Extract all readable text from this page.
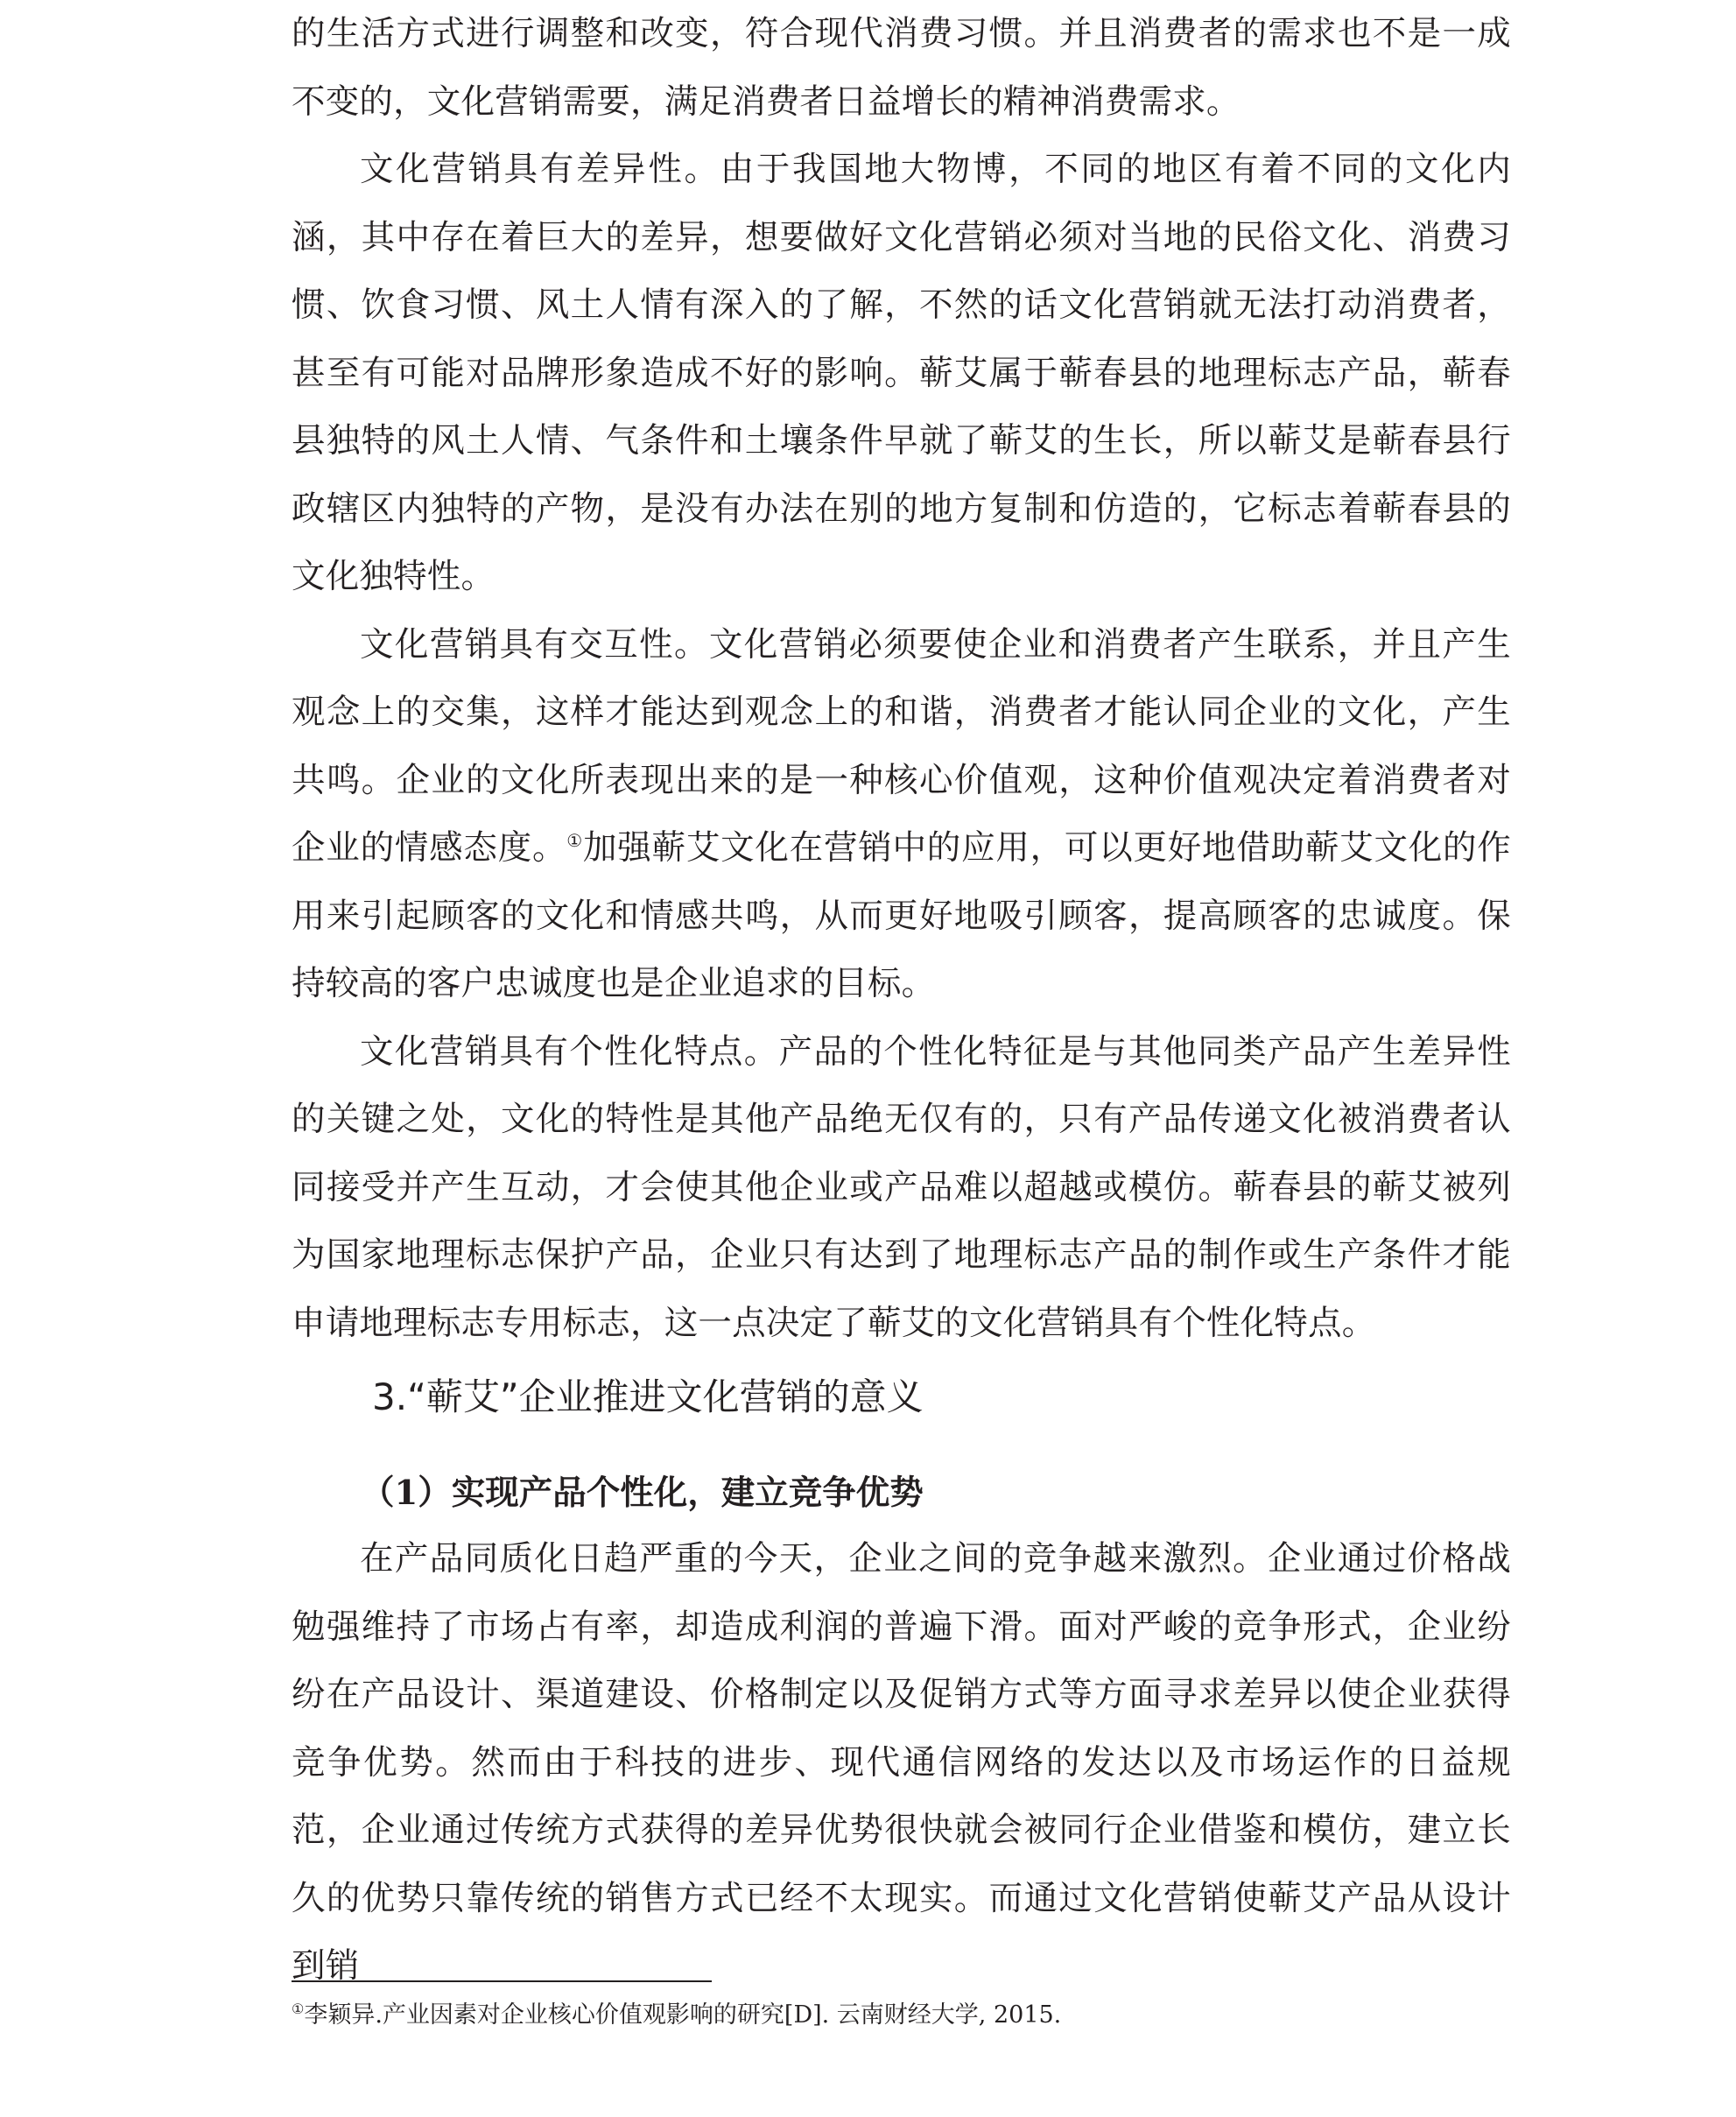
的生活方式进行调整和改变，符合现代消费习惯。并且消费者的需求也不是一成不变的，文化营销需要，满足消费者日益增长的精神消费需求。

文化营销具有差异性。由于我国地大物博，不同的地区有着不同的文化内涵，其中存在着巨大的差异，想要做好文化营销必须对当地的民俗文化、消费习惯、饮食习惯、风土人情有深入的了解，不然的话文化营销就无法打动消费者，甚至有可能对品牌形象造成不好的影响。蕲艾属于蕲春县的地理标志产品，蕲春县独特的风土人情、气条件和土壤条件早就了蕲艾的生长，所以蕲艾是蕲春县行政辖区内独特的产物，是没有办法在别的地方复制和仿造的，它标志着蕲春县的文化独特性。

文化营销具有交互性。文化营销必须要使企业和消费者产生联系，并且产生观念上的交集，这样才能达到观念上的和谐，消费者才能认同企业的文化，产生共鸣。企业的文化所表现出来的是一种核心价值观，这种价值观决定着消费者对企业的情感态度。①加强蕲艾文化在营销中的应用，可以更好地借助蕲艾文化的作用来引起顾客的文化和情感共鸣，从而更好地吸引顾客，提高顾客的忠诚度。保持较高的客户忠诚度也是企业追求的目标。

文化营销具有个性化特点。产品的个性化特征是与其他同类产品产生差异性的关键之处，文化的特性是其他产品绝无仅有的，只有产品传递文化被消费者认同接受并产生互动，才会使其他企业或产品难以超越或模仿。蕲春县的蕲艾被列为国家地理标志保护产品，企业只有达到了地理标志产品的制作或生产条件才能申请地理标志专用标志，这一点决定了蕲艾的文化营销具有个性化特点。

3.“蕲艾”企业推进文化营销的意义
（1）实现产品个性化，建立竞争优势

在产品同质化日趋严重的今天，企业之间的竞争越来激烈。企业通过价格战勉强维持了市场占有率，却造成利润的普遍下滑。面对严峻的竞争形式，企业纷纷在产品设计、渠道建设、价格制定以及促销方式等方面寻求差异以使企业获得竞争优势。然而由于科技的进步、现代通信网络的发达以及市场运作的日益规范，企业通过传统方式获得的差异优势很快就会被同行企业借鉴和模仿，建立长久的优势只靠传统的销售方式已经不太现实。而通过文化营销使蕲艾产品从设计到销

①李颖异.产业因素对企业核心价值观影响的研究[D]. 云南财经大学, 2015.
